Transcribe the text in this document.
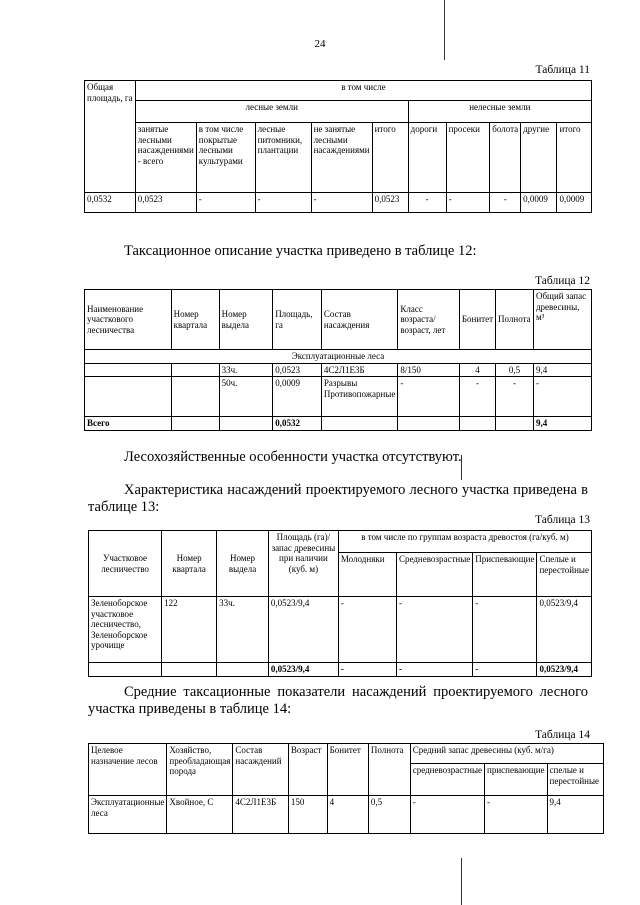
24
Таблица 11
Общая площадь, га	в том числе									
	лесные земли					нелесные земли				
	занятые лесными насаждениями - всего	в том числе покрытые лесными культурами	лесные питомники, плантации	не занятые лесными насаждениями	итого	дороги	просеки	болота	другие	итого
0,0532	0,0523	-	-	-	0,0523	-	-	-	0,0009	0,0009
Таксационное описание участка приведено в таблице 12:
Таблица 12
Наименование участкового лесничества	Номер квартала	Номер выдела	Площадь, га	Состав насаждения	Класс возраста/ возраст, лет	Бонитет	Полнота	Общий запас древесины, м³
Эксплуатационные леса								
		33ч.	0,0523	4С2Л1Е3Б	8/150	4	0,5	9,4
		50ч.	0,0009	Разрывы Противопожарные	-	-	-	-
Всего			0,0532					9,4
Лесохозяйственные особенности участка отсутствуют.
Характеристика насаждений проектируемого лесного участка приведена в таблице 13:
Таблица 13
Участковое лесничество	Номер квартала	Номер выдела	Площадь (га)/запас древесины при наличии (куб. м)	в том числе по группам возраста древостоя (га/куб. м)			
				Молодняки	Средневозрастные	Приспевающие	Спелые и перестойные
Зеленоборское участковое лесничество, Зеленоборское урочище	122	33ч.	0,0523/9,4	-	-	-	0,0523/9,4
			0,0523/9,4	-	-	-	0,0523/9,4
Средние таксационные показатели насаждений проектируемого лесного участка приведены в таблице 14:
Таблица 14
Целевое назначение лесов	Хозяйство, преобладающая порода	Состав насаждений	Возраст	Бонитет	Полнота	Средний запас древесины (куб. м/га)		
						средневозрастные	приспевающие	спелые и перестойные
Эксплуатационные леса	Хвойное, С	4С2Л1Е3Б	150	4	0,5	-	-	9,4
